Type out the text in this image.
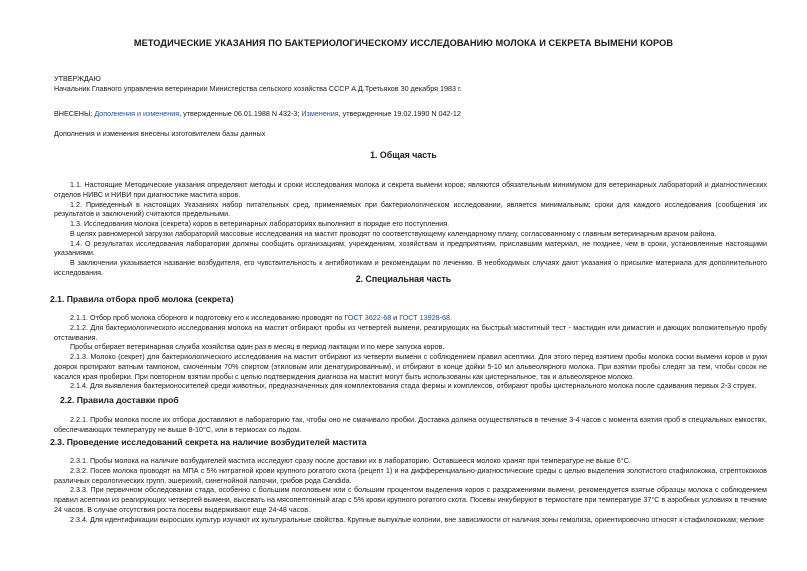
МЕТОДИЧЕСКИЕ УКАЗАНИЯ ПО БАКТЕРИОЛОГИЧЕСКОМУ ИССЛЕДОВАНИЮ МОЛОКА И СЕКРЕТА ВЫМЕНИ КОРОВ

УТВЕРЖДАЮ

Начальник Главного управления ветеринарии Министерства сельского хозяйства СССР А.Д.Третьяков 30 декабря 1983 г.

ВНЕСЕНЫ: Дополнения и изменения, утвержденные 06.01.1988 N 432-3; Изменения, утвержденные 19.02.1990 N 042-12
Дополнения и изменения внесены изготовителем базы данных
1. Общая часть

1.1. Настоящие Методические указания определяют методы и сроки исследования молока и секрета вымени коров; являются обязательным минимумом для ветеринарных лабораторий и диагностических отделов НИВС и НИВИ при диагностике мастита коров.

1.2. Приведенный в настоящих Указаниях набор питательных сред, применяемых при бактериологическом исследовании, является минимальным; сроки для каждого исследования (сообщения их результатов и заключений) считаются предельными.

1.3. Исследования молока (секрета) коров в ветеринарных лабораториях выполняют в порядке его поступления.

В целях равномерной загрузки лабораторий массовые исследования на мастит проводят по соответствующему календарному плану, согласованному с главным ветеринарным врачом района.

1.4. О результатах исследования лаборатории должны сообщить организациям, учреждениям, хозяйствам и предприятиям, приславшим материал, не позднее, чем в сроки, установленные настоящими указаниями.

В заключении указывается название возбудителя, его чувствительность к антибиотикам и рекомендации по лечению. В необходимых случаях дают указания о присылке материала для дополнительного исследования.

2. Специальная часть
2.1. Правила отбора проб молока (секрета)

2.1.1. Отбор проб молока сборного и подготовку его к исследованию проводят по ГОСТ 3622-68 и ГОСТ 13928-68.

2.1.2. Для бактериологического исследования молока на мастит отбирают пробы из четвертей вымени, реагирующих на быстрый маститный тест - мастидин или димастин и дающих положительную пробу отстаивания.

Пробы отбирает ветеринарная служба хозяйства один раз в месяц в период лактации и по мере запуска коров.

2.1.3. Молоко (секрет) для бактериологического исследования на мастит отбирают из четверти вымени с соблюдением правил асептики. Для этого перед взятием пробы молока соски вымени коров и руки доярок протирают ватным тампоном, смоченным 70% спиртом (этиловым или денатурированным), и отбирают в конце дойки 5-10 мл альвеолярного молока. При взятии пробы следят за тем, чтобы сосок не касался края пробирки. При повторном взятии пробы с целью подтверждения диагноза на мастит могут быть использованы как цистернальное, так и альвеолярное молоко.

2.1.4. Для выявления бактерионосителей среди животных, предназначенных для комплектования стада фермы и комплексов, отбирают пробы цистернального молока после сдаивания первых 2-3 струек.

2.2. Правила доставки проб

2.2.1. Пробы молока после их отбора доставляют в лабораторию так, чтобы оно не смачивало пробки. Доставка должна осуществляться в течение 3-4 часов с момента взятия проб в специальных емкостях, обеспечивающих температуру не выше 8-10°С, или в термосах со льдом.

2.3. Проведение исследований секрета на наличие возбудителей мастита

2.3.1. Пробы молока на наличие возбудителей мастита исследуют сразу после доставки их в лабораторию. Оставшееся молоко хранят при температуре не выше 6°С.

2.3.2. Посев молока проводят на МПА с 5% нитратной крови крупного рогатого скота (рецепт 1) и на дифференциально-диагностические среды с целью выделения золотистого стафилококка, стрептококков различных серологических групп, эшерихий, синегнойной палочки, грибов рода Candida.

2.3.3. При первичном обследовании стада, особенно с большим поголовьем или с большим процентом выделения коров с раздражениями вымени, рекомендуется взятые образцы молока с соблюдением правил асептики из реагирующих четвертей вымени, высевать на мясопептонный агар с 5% крови крупного рогатого скота. Посевы инкубируют в термостате при температуре 37°С в аэробных условиях в течение 24 часов. В случае отсутствия роста посевы выдерживают еще 24-48 часов.

2.3.4. Для идентификации выросших культур изучают их культуральные свойства. Крупные выпуклые колонии, вне зависимости от наличия зоны гемолиза, ориентировочно относят к стафилококкам; мелкие
